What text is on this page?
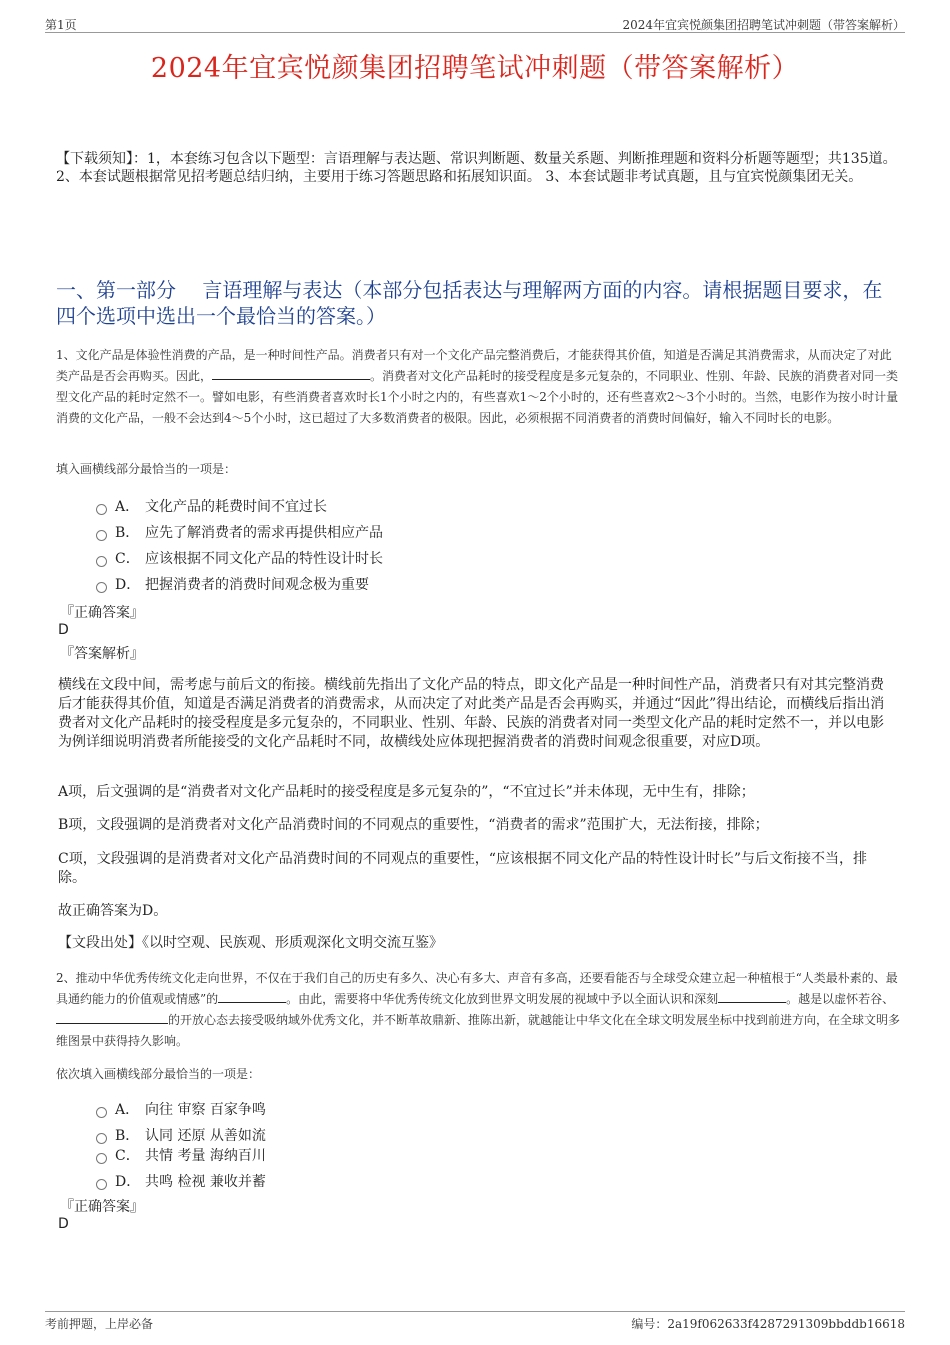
第1页	2024年宜宾悦颜集团招聘笔试冲刺题（带答案解析）
2024年宜宾悦颜集团招聘笔试冲刺题（带答案解析）
【下载须知】：1，本套练习包含以下题型：言语理解与表达题、常识判断题、数量关系题、判断推理题和资料分析题等题型；共135道。 2、本套试题根据常见招考题总结归纳，主要用于练习答题思路和拓展知识面。 3、本套试题非考试真题，且与宜宾悦颜集团无关。
一、第一部分　 言语理解与表达（本部分包括表达与理解两方面的内容。请根据题目要求，在四个选项中选出一个最恰当的答案。）
1、文化产品是体验性消费的产品，是一种时间性产品。消费者只有对一个文化产品完整消费后，才能获得其价值，知道是否满足其消费需求，从而决定了对此类产品是否会再购买。因此，	。消费者对文化产品耗时的接受程度是多元复杂的，不同职业、性别、年龄、民族的消费者对同一类型文化产品的耗时定然不一。譬如电影，有些消费者喜欢时长1个小时之内的，有些喜欢1～2个小时的，还有些喜欢2～3个小时的。当然，电影作为按小时计量消费的文化产品，一般不会达到4～5个小时，这已超过了大多数消费者的极限。因此，必须根据不同消费者的消费时间偏好，输入不同时长的电影。
填入画横线部分最恰当的一项是：
A． 文化产品的耗费时间不宜过长
B． 应先了解消费者的需求再提供相应产品
C． 应该根据不同文化产品的特性设计时长
D． 把握消费者的消费时间观念极为重要
『正确答案』
D
『答案解析』
横线在文段中间，需考虑与前后文的衔接。横线前先指出了文化产品的特点，即文化产品是一种时间性产品，消费者只有对其完整消费后才能获得其价值，知道是否满足消费者的消费需求，从而决定了对此类产品是否会再购买，并通过“因此”得出结论，而横线后指出消费者对文化产品耗时的接受程度是多元复杂的，不同职业、性别、年龄、民族的消费者对同一类型文化产品的耗时定然不一，并以电影为例详细说明消费者所能接受的文化产品耗时不同，故横线处应体现把握消费者的消费时间观念很重要，对应D项。
A项，后文强调的是“消费者对文化产品耗时的接受程度是多元复杂的”，“不宜过长”并未体现，无中生有，排除；
B项，文段强调的是消费者对文化产品消费时间的不同观点的重要性，“消费者的需求”范围扩大，无法衔接，排除；
C项，文段强调的是消费者对文化产品消费时间的不同观点的重要性，“应该根据不同文化产品的特性设计时长”与后文衔接不当，排除。
故正确答案为D。
【文段出处】《以时空观、民族观、形质观深化文明交流互鉴》
2、推动中华优秀传统文化走向世界，不仅在于我们自己的历史有多久、决心有多大、声音有多高，还要看能否与全球受众建立起一种植根于“人类最朴素的、最具通约能力的价值观或情感”的	。由此，需要将中华优秀传统文化放到世界文明发展的视域中予以全面认识和深刻	。越是以虚怀若谷、的开放心态去接受吸纳域外优秀文化，并不断革故鼎新、推陈出新，就越能让中华文化在全球文明发展坐标中找到前进方向，在全球文明多维图景中获得持久影响。
依次填入画横线部分最恰当的一项是：
A． 向往 审察 百家争鸣
B． 认同 还原 从善如流
C． 共情 考量 海纳百川
D． 共鸣 检视 兼收并蓄
『正确答案』
D
考前押题，上岸必备	编号：2a19f062633f4287291309bbddb16618
